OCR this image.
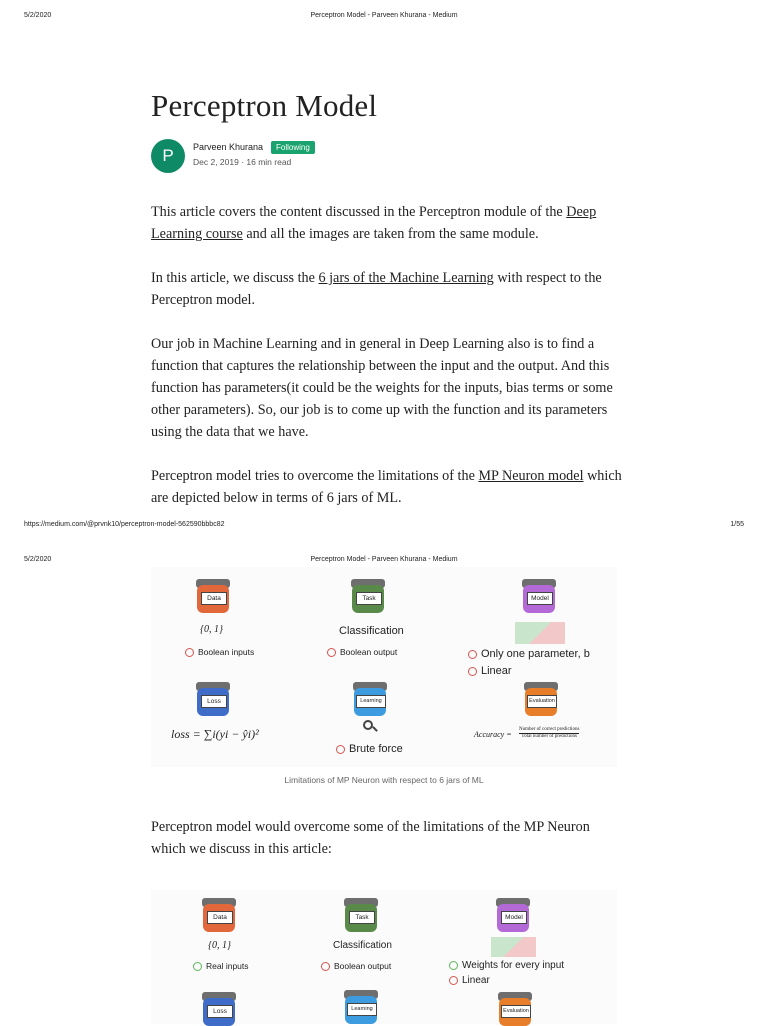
5/2/2020	Perceptron Model - Parveen Khurana - Medium
Perceptron Model
P Parveen Khurana	Following
Dec 2, 2019 · 16 min read

This article covers the content discussed in the Perceptron module of the Deep Learning course and all the images are taken from the same module.

In this article, we discuss the 6 jars of the Machine Learning with respect to the Perceptron model.

Our job in Machine Learning and in general in Deep Learning also is to find a function that captures the relationship between the input and the output. And this function has parameters(it could be the weights for the inputs, bias terms or some other parameters). So, our job is to come up with the function and its parameters using the data that we have.

Perceptron model tries to overcome the limitations of the MP Neuron model which are depicted below in terms of 6 jars of ML.

https://medium.com/@prvnk10/perceptron-model-562590bbbc82	1/55
5/2/2020	Perceptron Model - Parveen Khurana - Medium
Data
{0, 1}
Boolean inputs
Task
Classification
Boolean output
Model
Only one parameter, b
Linear
Loss
loss = ∑i(yi − ŷi)²
Learning
Brute force
Evaluation
Accuracy =
Number of correct predictions
Total number of predictions
Limitations of MP Neuron with respect to 6 jars of ML

Perceptron model would overcome some of the limitations of the MP Neuron which we discuss in this article:

Data
{0, 1}
Real inputs
Task
Classification
Boolean output
Model
Weights for every input
Linear
Loss	Learning	Evaluation
